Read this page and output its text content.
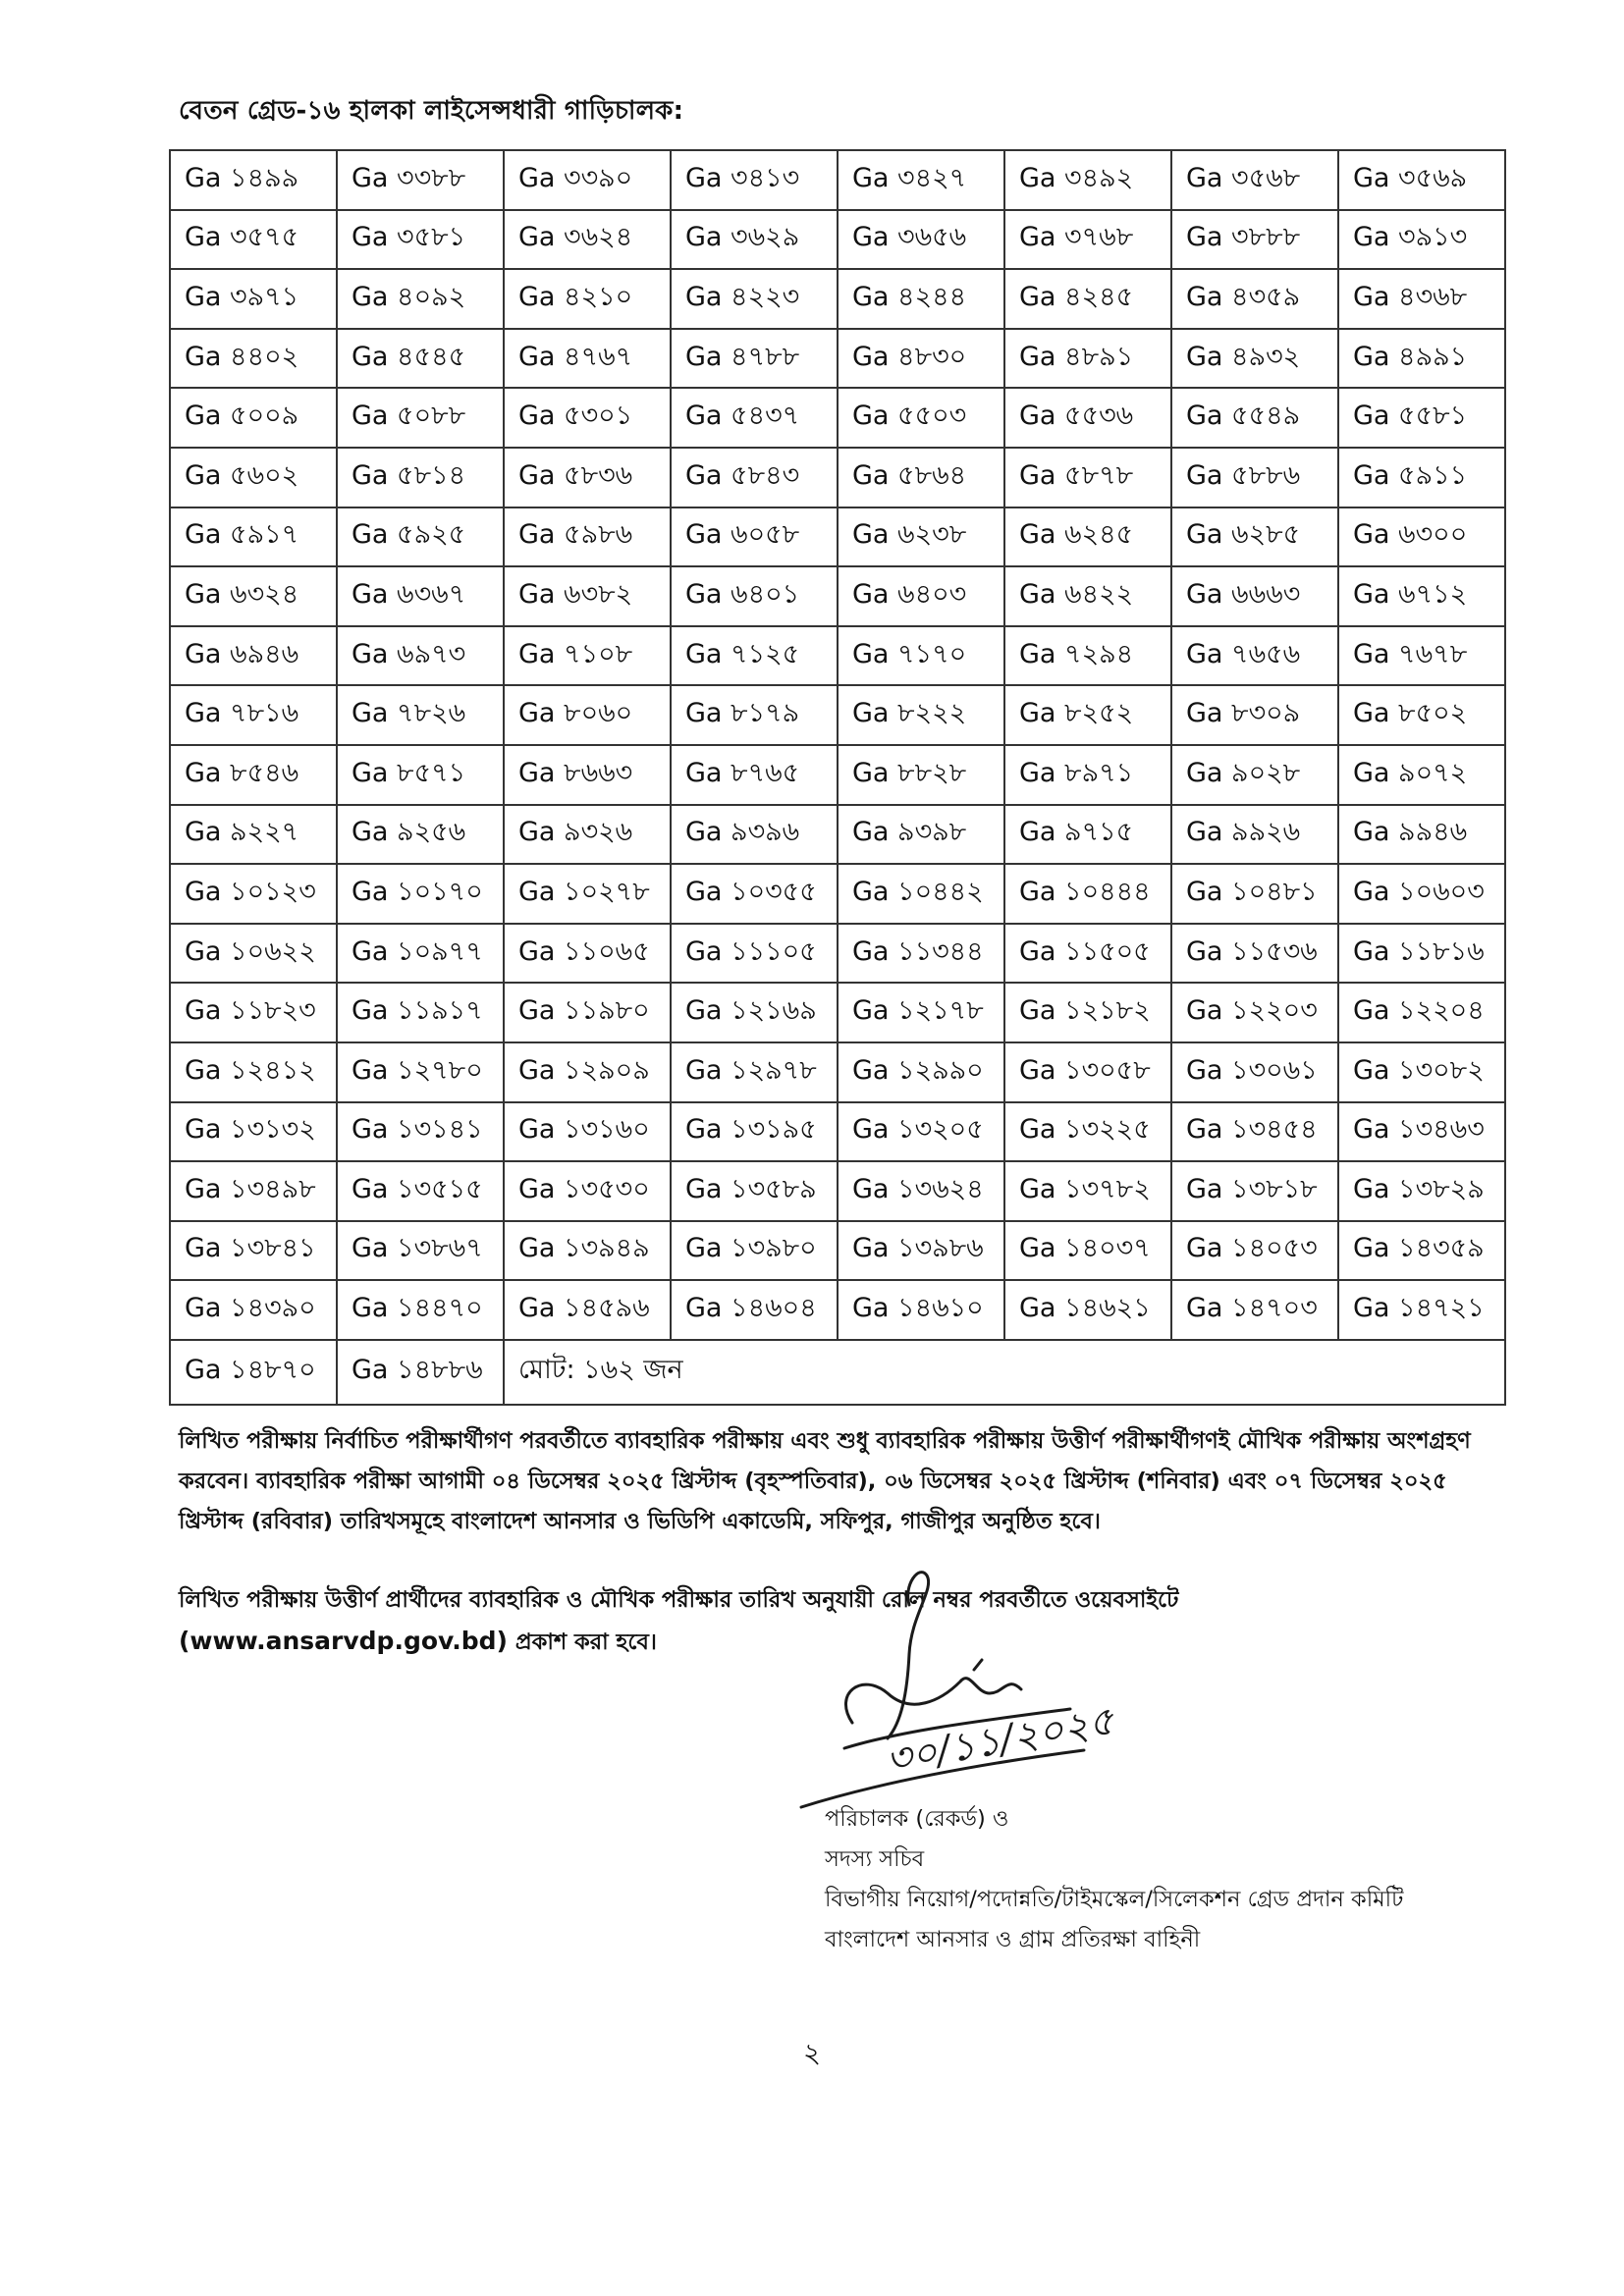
বেতন গ্রেড-১৬ হালকা লাইসেন্সধারী গাড়িচালক:
Ga ১৪৯৯	Ga ৩৩৮৮	Ga ৩৩৯০	Ga ৩৪১৩	Ga ৩৪২৭	Ga ৩৪৯২	Ga ৩৫৬৮	Ga ৩৫৬৯
Ga ৩৫৭৫	Ga ৩৫৮১	Ga ৩৬২৪	Ga ৩৬২৯	Ga ৩৬৫৬	Ga ৩৭৬৮	Ga ৩৮৮৮	Ga ৩৯১৩
Ga ৩৯৭১	Ga ৪০৯২	Ga ৪২১০	Ga ৪২২৩	Ga ৪২৪৪	Ga ৪২৪৫	Ga ৪৩৫৯	Ga ৪৩৬৮
Ga ৪৪০২	Ga ৪৫৪৫	Ga ৪৭৬৭	Ga ৪৭৮৮	Ga ৪৮৩০	Ga ৪৮৯১	Ga ৪৯৩২	Ga ৪৯৯১
Ga ৫০০৯	Ga ৫০৮৮	Ga ৫৩০১	Ga ৫৪৩৭	Ga ৫৫০৩	Ga ৫৫৩৬	Ga ৫৫৪৯	Ga ৫৫৮১
Ga ৫৬০২	Ga ৫৮১৪	Ga ৫৮৩৬	Ga ৫৮৪৩	Ga ৫৮৬৪	Ga ৫৮৭৮	Ga ৫৮৮৬	Ga ৫৯১১
Ga ৫৯১৭	Ga ৫৯২৫	Ga ৫৯৮৬	Ga ৬০৫৮	Ga ৬২৩৮	Ga ৬২৪৫	Ga ৬২৮৫	Ga ৬৩০০
Ga ৬৩২৪	Ga ৬৩৬৭	Ga ৬৩৮২	Ga ৬৪০১	Ga ৬৪০৩	Ga ৬৪২২	Ga ৬৬৬৩	Ga ৬৭১২
Ga ৬৯৪৬	Ga ৬৯৭৩	Ga ৭১০৮	Ga ৭১২৫	Ga ৭১৭০	Ga ৭২৯৪	Ga ৭৬৫৬	Ga ৭৬৭৮
Ga ৭৮১৬	Ga ৭৮২৬	Ga ৮০৬০	Ga ৮১৭৯	Ga ৮২২২	Ga ৮২৫২	Ga ৮৩০৯	Ga ৮৫০২
Ga ৮৫৪৬	Ga ৮৫৭১	Ga ৮৬৬৩	Ga ৮৭৬৫	Ga ৮৮২৮	Ga ৮৯৭১	Ga ৯০২৮	Ga ৯০৭২
Ga ৯২২৭	Ga ৯২৫৬	Ga ৯৩২৬	Ga ৯৩৯৬	Ga ৯৩৯৮	Ga ৯৭১৫	Ga ৯৯২৬	Ga ৯৯৪৬
Ga ১০১২৩	Ga ১০১৭০	Ga ১০২৭৮	Ga ১০৩৫৫	Ga ১০৪৪২	Ga ১০৪৪৪	Ga ১০৪৮১	Ga ১০৬০৩
Ga ১০৬২২	Ga ১০৯৭৭	Ga ১১০৬৫	Ga ১১১০৫	Ga ১১৩৪৪	Ga ১১৫০৫	Ga ১১৫৩৬	Ga ১১৮১৬
Ga ১১৮২৩	Ga ১১৯১৭	Ga ১১৯৮০	Ga ১২১৬৯	Ga ১২১৭৮	Ga ১২১৮২	Ga ১২২০৩	Ga ১২২০৪
Ga ১২৪১২	Ga ১২৭৮০	Ga ১২৯০৯	Ga ১২৯৭৮	Ga ১২৯৯০	Ga ১৩০৫৮	Ga ১৩০৬১	Ga ১৩০৮২
Ga ১৩১৩২	Ga ১৩১৪১	Ga ১৩১৬০	Ga ১৩১৯৫	Ga ১৩২০৫	Ga ১৩২২৫	Ga ১৩৪৫৪	Ga ১৩৪৬৩
Ga ১৩৪৯৮	Ga ১৩৫১৫	Ga ১৩৫৩০	Ga ১৩৫৮৯	Ga ১৩৬২৪	Ga ১৩৭৮২	Ga ১৩৮১৮	Ga ১৩৮২৯
Ga ১৩৮৪১	Ga ১৩৮৬৭	Ga ১৩৯৪৯	Ga ১৩৯৮০	Ga ১৩৯৮৬	Ga ১৪০৩৭	Ga ১৪০৫৩	Ga ১৪৩৫৯
Ga ১৪৩৯০	Ga ১৪৪৭০	Ga ১৪৫৯৬	Ga ১৪৬০৪	Ga ১৪৬১০	Ga ১৪৬২১	Ga ১৪৭০৩	Ga ১৪৭২১
Ga ১৪৮৭০	Ga ১৪৮৮৬	মোট: ১৬২ জন					
লিখিত পরীক্ষায় নির্বাচিত পরীক্ষার্থীগণ পরবর্তীতে ব্যাবহারিক পরীক্ষায় এবং শুধু ব্যাবহারিক পরীক্ষায় উত্তীর্ণ পরীক্ষার্থীগণই মৌখিক পরীক্ষায় অংশগ্রহণ করবেন। ব্যাবহারিক পরীক্ষা আগামী ০৪ ডিসেম্বর ২০২৫ খ্রিস্টাব্দ (বৃহস্পতিবার), ০৬ ডিসেম্বর ২০২৫ খ্রিস্টাব্দ (শনিবার) এবং ০৭ ডিসেম্বর ২০২৫ খ্রিস্টাব্দ (রবিবার) তারিখসমূহে বাংলাদেশ আনসার ও ভিডিপি একাডেমি, সফিপুর, গাজীপুর অনুষ্ঠিত হবে।
লিখিত পরীক্ষায় উত্তীর্ণ প্রার্থীদের ব্যাবহারিক ও মৌখিক পরীক্ষার তারিখ অনুযায়ী রোল নম্বর পরবর্তীতে ওয়েবসাইটে
(www.ansarvdp.gov.bd) প্রকাশ করা হবে।
৩০/১১/২০২৫
পরিচালক (রেকর্ড) ও
সদস্য সচিব
বিভাগীয় নিয়োগ/পদোন্নতি/টাইমস্কেল/সিলেকশন গ্রেড প্রদান কমিটি
বাংলাদেশ আনসার ও গ্রাম প্রতিরক্ষা বাহিনী
২
